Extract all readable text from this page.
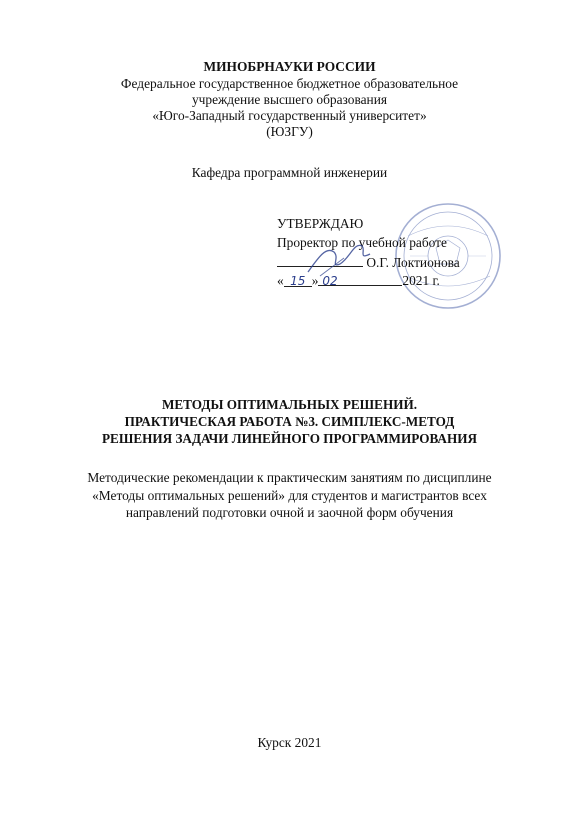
МИНОБРНАУКИ РОССИИ
Федеральное государственное бюджетное образовательное
учреждение высшего образования
«Юго-Западный государственный университет»
(ЮЗГУ)
Кафедра программной инженерии
УТВЕРЖДАЮ
Проректор по учебной работе
О.Г. Локтионова
« 15 » 02	2021 г.
МЕТОДЫ ОПТИМАЛЬНЫХ РЕШЕНИЙ.
ПРАКТИЧЕСКАЯ РАБОТА №3. СИМПЛЕКС-МЕТОД
РЕШЕНИЯ ЗАДАЧИ ЛИНЕЙНОГО ПРОГРАММИРОВАНИЯ
Методические рекомендации к практическим занятиям по дисциплине
«Методы оптимальных решений» для студентов и магистрантов всех
направлений подготовки очной и заочной форм обучения
Курск 2021
